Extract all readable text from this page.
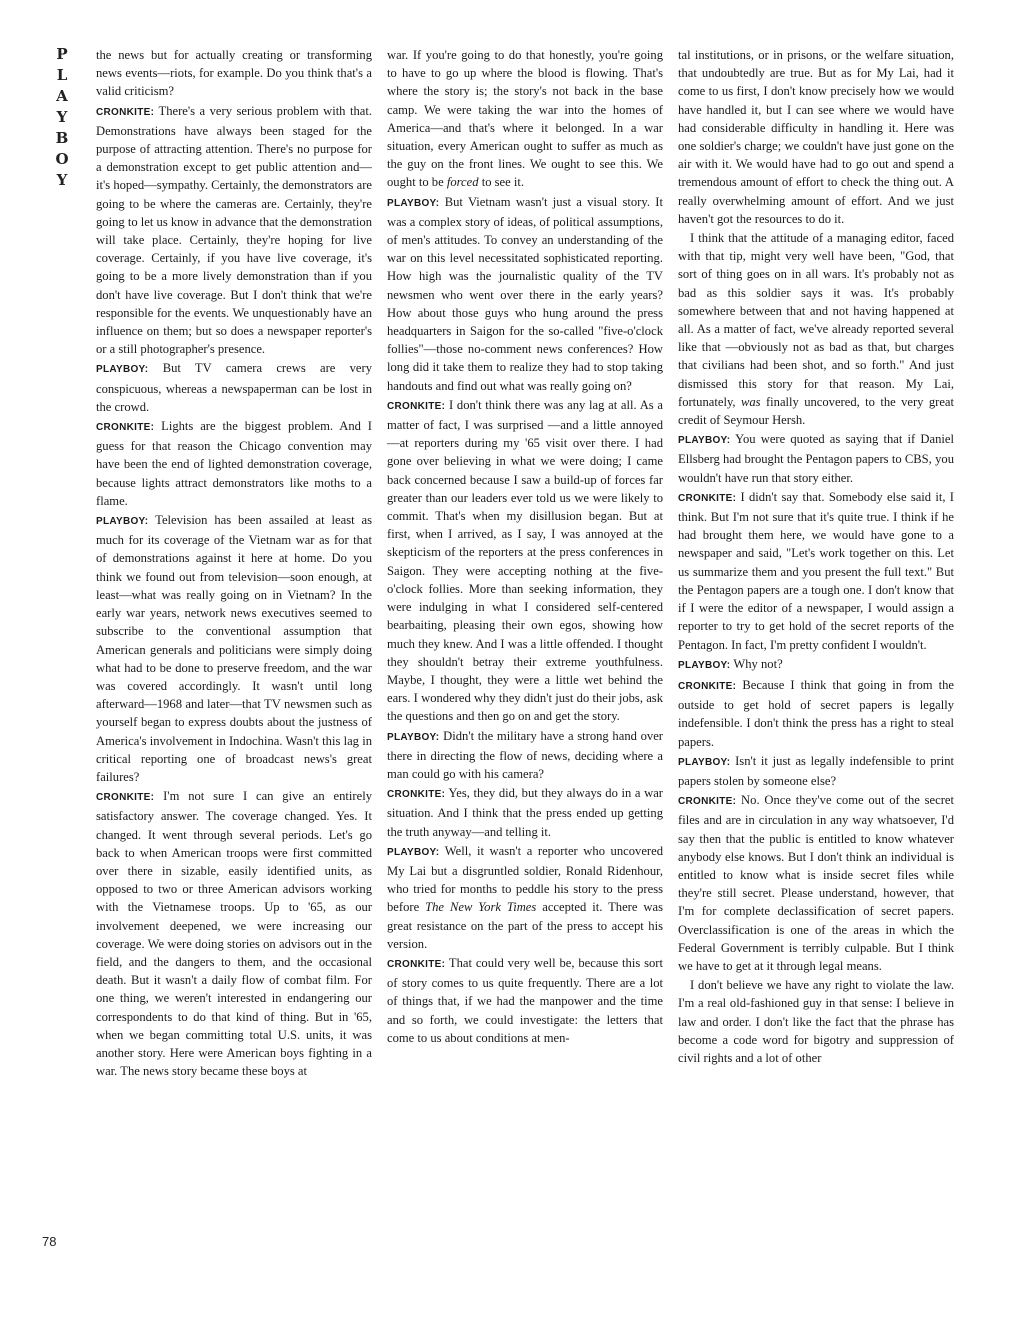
P
L
A
Y
B
O
Y

the news but for actually creating or transforming news events—riots, for example. Do you think that's a valid criticism?

CRONKITE: There's a very serious problem with that. Demonstrations have always been staged for the purpose of attracting attention. There's no purpose for a demonstration except to get public attention and—it's hoped—sympathy. Certainly, the demonstrators are going to be where the cameras are. Certainly, they're going to let us know in advance that the demonstration will take place. Certainly, they're hoping for live coverage. Certainly, if you have live coverage, it's going to be a more lively demonstration than if you don't have live coverage. But I don't think that we're responsible for the events. We unquestionably have an influence on them; but so does a newspaper reporter's or a still photographer's presence.

PLAYBOY: But TV camera crews are very conspicuous, whereas a newspaperman can be lost in the crowd.

CRONKITE: Lights are the biggest problem. And I guess for that reason the Chicago convention may have been the end of lighted demonstration coverage, because lights attract demonstrators like moths to a flame.

PLAYBOY: Television has been assailed at least as much for its coverage of the Vietnam war as for that of demonstrations against it here at home. Do you think we found out from television—soon enough, at least—what was really going on in Vietnam? In the early war years, network news executives seemed to subscribe to the conventional assumption that American generals and politicians were simply doing what had to be done to preserve freedom, and the war was covered accordingly. It wasn't until long afterward—1968 and later—that TV newsmen such as yourself began to express doubts about the justness of America's involvement in Indochina. Wasn't this lag in critical reporting one of broadcast news's great failures?

CRONKITE: I'm not sure I can give an entirely satisfactory answer. The coverage changed. Yes. It changed. It went through several periods. Let's go back to when American troops were first committed over there in sizable, easily identified units, as opposed to two or three American advisors working with the Vietnamese troops. Up to '65, as our involvement deepened, we were increasing our coverage. We were doing stories on advisors out in the field, and the dangers to them, and the occasional death. But it wasn't a daily flow of combat film. For one thing, we weren't interested in endangering our correspondents to do that kind of thing. But in '65, when we began committing total U.S. units, it was another story. Here were American boys fighting in a war. The news story became these boys at

war. If you're going to do that honestly, you're going to have to go up where the blood is flowing. That's where the story is; the story's not back in the base camp. We were taking the war into the homes of America—and that's where it belonged. In a war situation, every American ought to suffer as much as the guy on the front lines. We ought to see this. We ought to be forced to see it.

PLAYBOY: But Vietnam wasn't just a visual story. It was a complex story of ideas, of political assumptions, of men's attitudes. To convey an understanding of the war on this level necessitated sophisticated reporting. How high was the journalistic quality of the TV newsmen who went over there in the early years? How about those guys who hung around the press headquarters in Saigon for the so-called "five-o'clock follies"—those no-comment news conferences? How long did it take them to realize they had to stop taking handouts and find out what was really going on?

CRONKITE: I don't think there was any lag at all. As a matter of fact, I was surprised —and a little annoyed—at reporters during my '65 visit over there. I had gone over believing in what we were doing; I came back concerned because I saw a build-up of forces far greater than our leaders ever told us we were likely to commit. That's when my disillusion began. But at first, when I arrived, as I say, I was annoyed at the skepticism of the reporters at the press conferences in Saigon. They were accepting nothing at the five-o'clock follies. More than seeking information, they were indulging in what I considered self-centered bearbaiting, pleasing their own egos, showing how much they knew. And I was a little offended. I thought they shouldn't betray their extreme youthfulness. Maybe, I thought, they were a little wet behind the ears. I wondered why they didn't just do their jobs, ask the questions and then go on and get the story.

PLAYBOY: Didn't the military have a strong hand over there in directing the flow of news, deciding where a man could go with his camera?

CRONKITE: Yes, they did, but they always do in a war situation. And I think that the press ended up getting the truth anyway—and telling it.

PLAYBOY: Well, it wasn't a reporter who uncovered My Lai but a disgruntled soldier, Ronald Ridenhour, who tried for months to peddle his story to the press before The New York Times accepted it. There was great resistance on the part of the press to accept his version.

CRONKITE: That could very well be, because this sort of story comes to us quite frequently. There are a lot of things that, if we had the manpower and the time and so forth, we could investigate: the letters that come to us about conditions at men-

tal institutions, or in prisons, or the welfare situation, that undoubtedly are true. But as for My Lai, had it come to us first, I don't know precisely how we would have handled it, but I can see where we would have had considerable difficulty in handling it. Here was one soldier's charge; we couldn't have just gone on the air with it. We would have had to go out and spend a tremendous amount of effort to check the thing out. A really overwhelming amount of effort. And we just haven't got the resources to do it.

I think that the attitude of a managing editor, faced with that tip, might very well have been, "God, that sort of thing goes on in all wars. It's probably not as bad as this soldier says it was. It's probably somewhere between that and not having happened at all. As a matter of fact, we've already reported several like that —obviously not as bad as that, but charges that civilians had been shot, and so forth." And just dismissed this story for that reason. My Lai, fortunately, was finally uncovered, to the very great credit of Seymour Hersh.

PLAYBOY: You were quoted as saying that if Daniel Ellsberg had brought the Pentagon papers to CBS, you wouldn't have run that story either.

CRONKITE: I didn't say that. Somebody else said it, I think. But I'm not sure that it's quite true. I think if he had brought them here, we would have gone to a newspaper and said, "Let's work together on this. Let us summarize them and you present the full text." But the Pentagon papers are a tough one. I don't know that if I were the editor of a newspaper, I would assign a reporter to try to get hold of the secret reports of the Pentagon. In fact, I'm pretty confident I wouldn't.

PLAYBOY: Why not?

CRONKITE: Because I think that going in from the outside to get hold of secret papers is legally indefensible. I don't think the press has a right to steal papers.

PLAYBOY: Isn't it just as legally indefensible to print papers stolen by someone else?

CRONKITE: No. Once they've come out of the secret files and are in circulation in any way whatsoever, I'd say then that the public is entitled to know whatever anybody else knows. But I don't think an individual is entitled to know what is inside secret files while they're still secret. Please understand, however, that I'm for complete declassification of secret papers. Overclassification is one of the areas in which the Federal Government is terribly culpable. But I think we have to get at it through legal means.

I don't believe we have any right to violate the law. I'm a real old-fashioned guy in that sense: I believe in law and order. I don't like the fact that the phrase has become a code word for bigotry and suppression of civil rights and a lot of other

78
